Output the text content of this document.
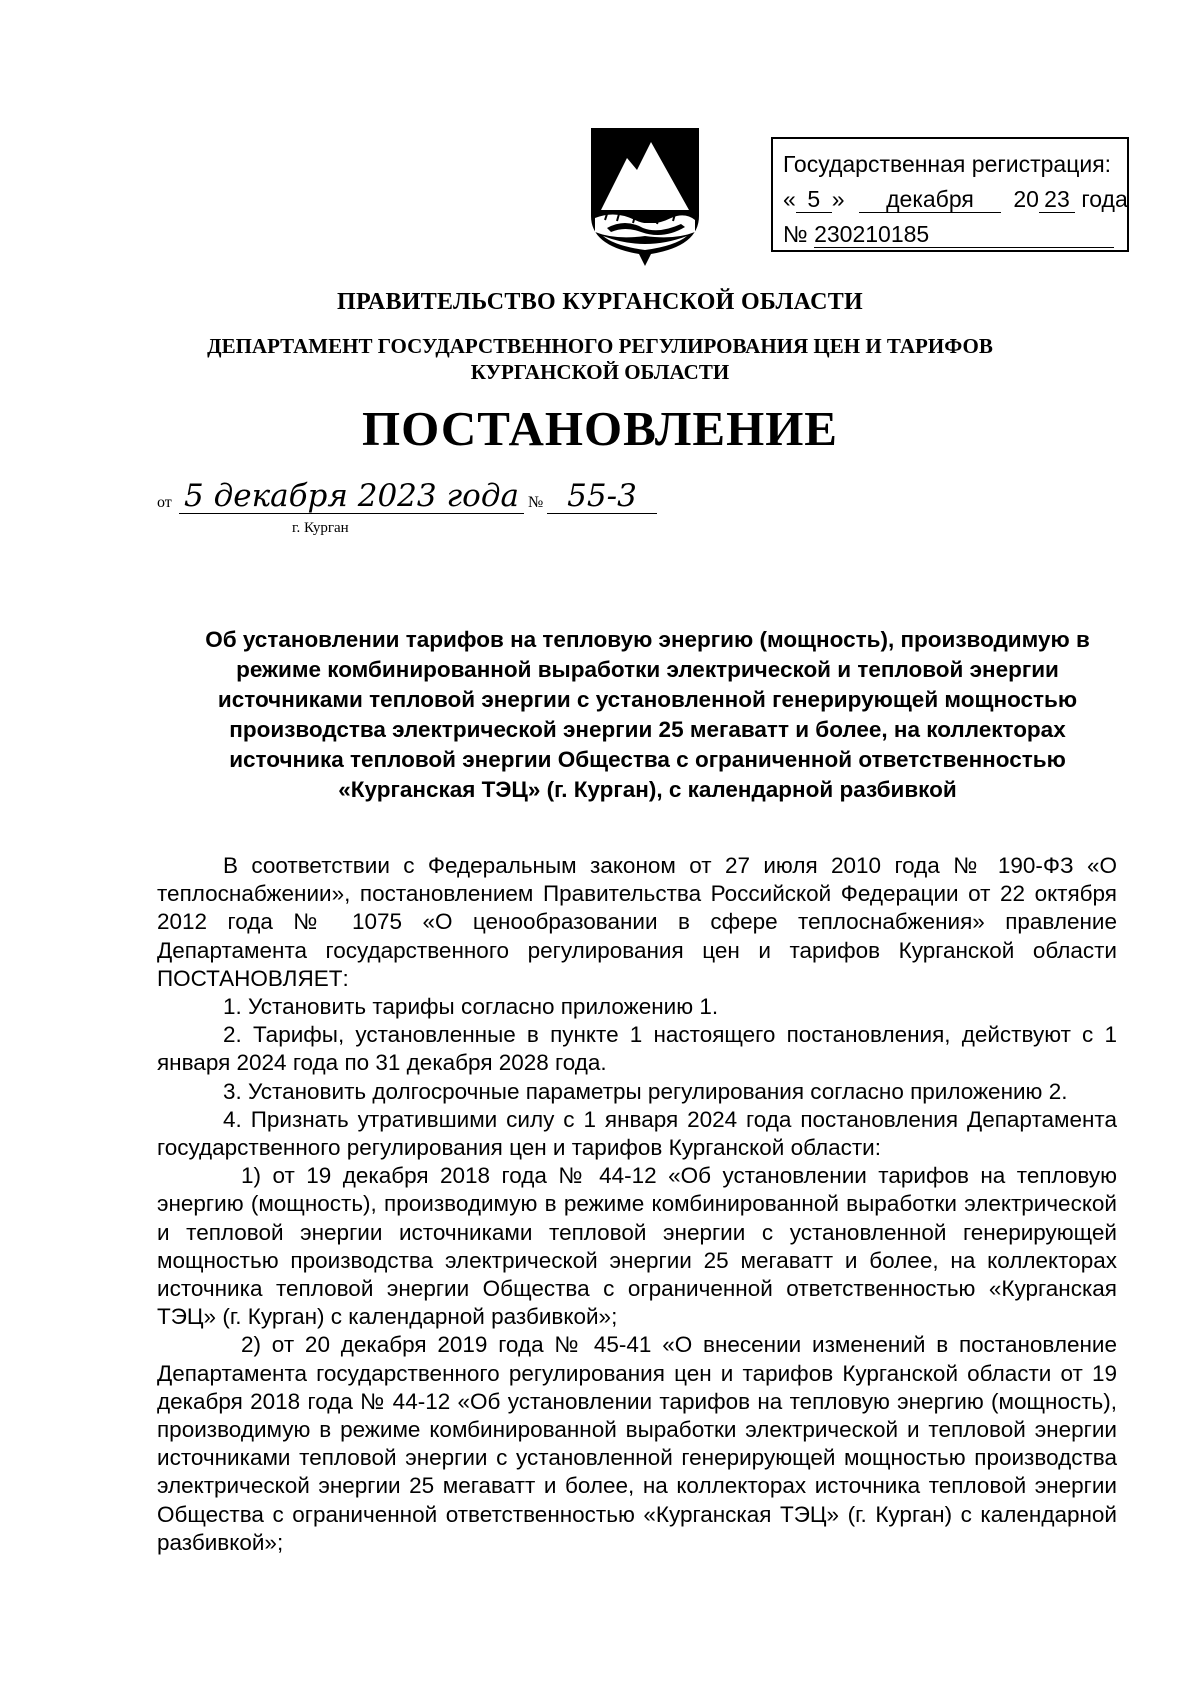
Государственная регистрация:
« 5 » декабря 20 23 года
№ 230210185
ПРАВИТЕЛЬСТВО КУРГАНСКОЙ ОБЛАСТИ
ДЕПАРТАМЕНТ ГОСУДАРСТВЕННОГО РЕГУЛИРОВАНИЯ ЦЕН И ТАРИФОВ
КУРГАНСКОЙ ОБЛАСТИ
ПОСТАНОВЛЕНИЕ
от 5 декабря 2023 года № 55-3
г. Курган
Об установлении тарифов на тепловую энергию (мощность), производимую в
режиме комбинированной выработки электрической и тепловой энергии
источниками тепловой энергии с установленной генерирующей мощностью
производства электрической энергии 25 мегаватт и более, на коллекторах
источника тепловой энергии Общества с ограниченной ответственностью
«Курганская ТЭЦ» (г. Курган), с календарной разбивкой

В соответствии с Федеральным законом от 27 июля 2010 года № 190-ФЗ «О теплоснабжении», постановлением Правительства Российской Федерации от 22 октября 2012 года № 1075 «О ценообразовании в сфере теплоснабжения» правление Департамента государственного регулирования цен и тарифов Курганской области ПОСТАНОВЛЯЕТ:

1. Установить тарифы согласно приложению 1.

2. Тарифы, установленные в пункте 1 настоящего постановления, действуют с 1 января 2024 года по 31 декабря 2028 года.

3. Установить долгосрочные параметры регулирования согласно приложению 2.

4. Признать утратившими силу с 1 января 2024 года постановления Департамента государственного регулирования цен и тарифов Курганской области:

1) от 19 декабря 2018 года № 44-12 «Об установлении тарифов на тепловую энергию (мощность), производимую в режиме комбинированной выработки электрической и тепловой энергии источниками тепловой энергии с установленной генерирующей мощностью производства электрической энергии 25 мегаватт и более, на коллекторах источника тепловой энергии Общества с ограниченной ответственностью «Курганская ТЭЦ» (г. Курган) с календарной разбивкой»;

2) от 20 декабря 2019 года № 45-41 «О внесении изменений в постановление Департамента государственного регулирования цен и тарифов Курганской области от 19 декабря 2018 года № 44-12 «Об установлении тарифов на тепловую энергию (мощность), производимую в режиме комбинированной выработки электрической и тепловой энергии источниками тепловой энергии с установленной генерирующей мощностью производства электрической энергии 25 мегаватт и более, на коллекторах источника тепловой энергии Общества с ограниченной ответственностью «Курганская ТЭЦ» (г. Курган) с календарной разбивкой»;
